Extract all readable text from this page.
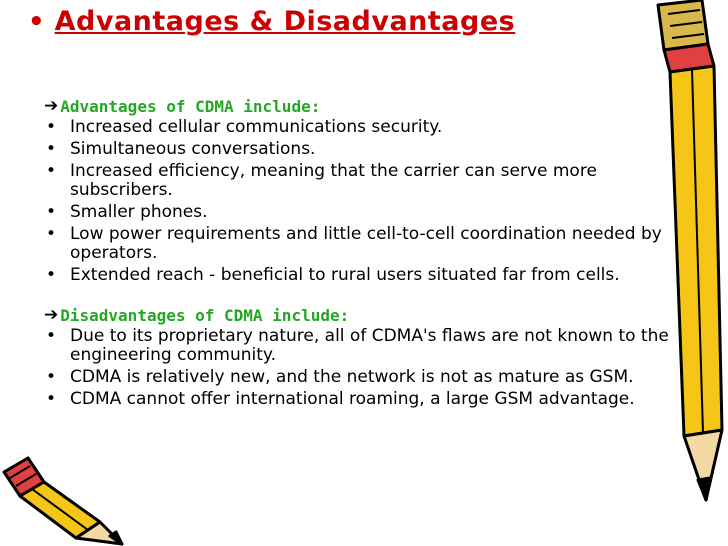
• Advantages & Disadvantages
➔ Advantages of CDMA include:
• Increased cellular communications security.
• Simultaneous conversations.
• Increased efficiency, meaning that the carrier can serve more subscribers.
• Smaller phones.
• Low power requirements and little cell-to-cell coordination needed by operators.
• Extended reach - beneficial to rural users situated far from cells.
➔ Disadvantages of CDMA include:
• Due to its proprietary nature, all of CDMA's flaws are not known to the engineering community.
• CDMA is relatively new, and the network is not as mature as GSM.
• CDMA cannot offer international roaming, a large GSM advantage.
